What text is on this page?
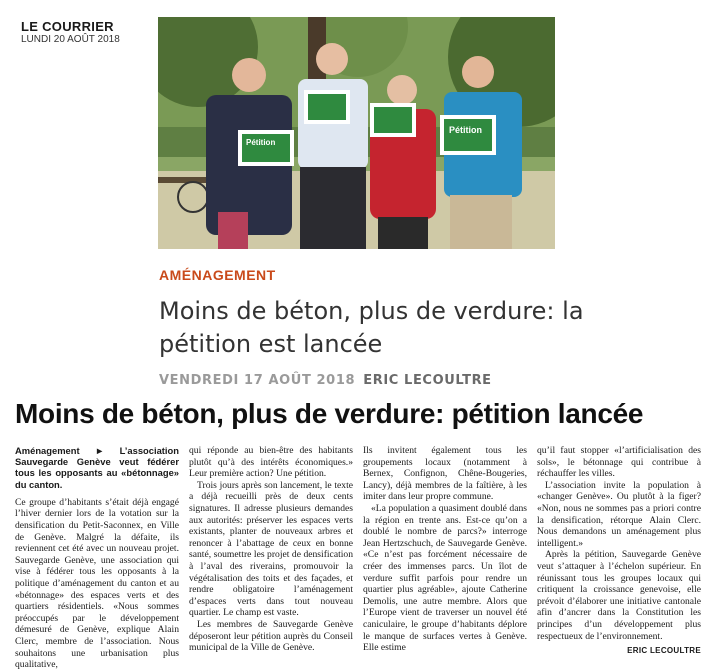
LE COURRIER
LUNDI 20 AOÛT 2018
Pétition
Pétition
AMÉNAGEMENT
Moins de béton, plus de verdure: la pétition est lancée
VENDREDI 17 AOÛT 2018 ERIC LECOULTRE
Moins de béton, plus de verdure: pétition lancée

Aménagement ► L’association Sauvegarde Genève veut fédérer tous les opposants au «bétonnage» du canton.

Ce groupe d’habitants s’était déjà engagé l’hiver dernier lors de la votation sur la densification du Petit-Saconnex, en Ville de Genève. Malgré la défaite, ils reviennent cet été avec un nouveau projet. Sauvegarde Genève, une association qui vise à fédérer tous les opposants à la politique d’aménagement du canton et au «bétonnage» des espaces verts et des quartiers résidentiels. «Nous sommes préoccupés par le développement démesuré de Genève, explique Alain Clerc, membre de l’association. Nous souhaitons une urbanisation plus qualitative,

qui réponde au bien-être des habitants plutôt qu’à des intérêts économiques.» Leur première action? Une pétition.

Trois jours après son lancement, le texte a déjà recueilli près de deux cents signatures. Il adresse plusieurs demandes aux autorités: préserver les espaces verts existants, planter de nouveaux arbres et renoncer à l’abattage de ceux en bonne santé, soumettre les projet de densification à l’aval des riverains, promouvoir la végétalisation des toits et des façades, et rendre obligatoire l’aménagement d’espaces verts dans tout nouveau quartier. Le champ est vaste.

Les membres de Sauvegarde Genève déposeront leur pétition auprès du Conseil municipal de la Ville de Genève.

Ils invitent également tous les groupements locaux (notamment à Bernex, Confignon, Chêne-Bougeries, Lancy), déjà membres de la faîtière, à les imiter dans leur propre commune.

«La population a quasiment doublé dans la région en trente ans. Est-ce qu’on a doublé le nombre de parcs?» interroge Jean Hertzschuch, de Sauvegarde Genève. «Ce n’est pas forcément nécessaire de créer des immenses parcs. Un îlot de verdure suffit parfois pour rendre un quartier plus agréable», ajoute Catherine Demolis, une autre membre. Alors que l’Europe vient de traverser un nouvel été caniculaire, le groupe d’habitants déplore le manque de surfaces vertes à Genève. Elle estime

qu’il faut stopper «l’artificialisation des sols», le bétonnage qui contribue à réchauffer les villes.

L’association invite la population à «changer Genève». Ou plutôt à la figer? «Non, nous ne sommes pas a priori contre la densification, rétorque Alain Clerc. Nous demandons un aménagement plus intelligent.»

Après la pétition, Sauvegarde Genève veut s’attaquer à l’échelon supérieur. En réunissant tous les groupes locaux qui critiquent la croissance genevoise, elle prévoit d’élaborer une initiative cantonale afin d’ancrer dans la Constitution les principes d’un développement plus respectueux de l’environnement.

ERIC LECOULTRE
